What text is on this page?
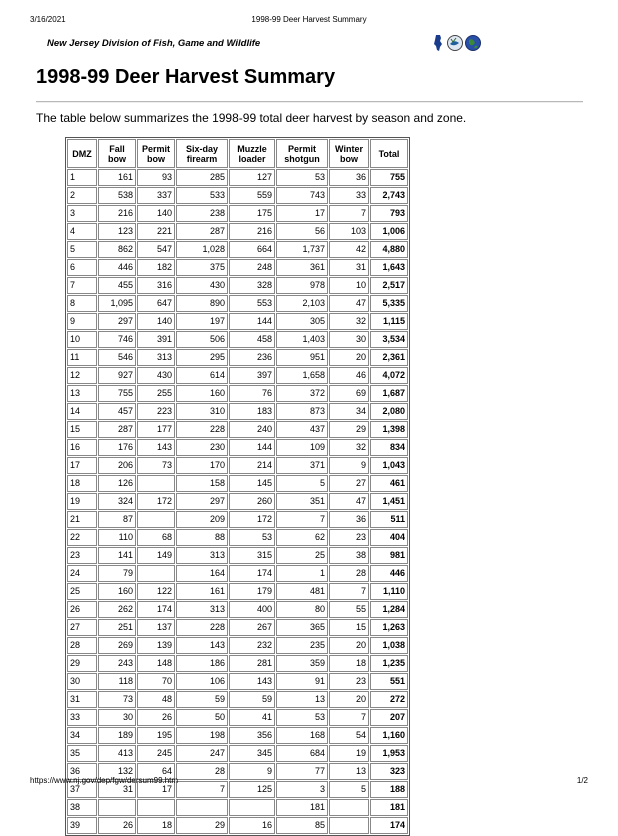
3/16/2021	1998-99 Deer Harvest Summary
New Jersey Division of Fish, Game and Wildlife
1998-99 Deer Harvest Summary
The table below summarizes the 1998-99 total deer harvest by season and zone.
DMZ	Fall bow	Permit bow	Six-day firearm	Muzzle loader	Permit shotgun	Winter bow	Total
1	161	93	285	127	53	36	755
2	538	337	533	559	743	33	2,743
3	216	140	238	175	17	7	793
4	123	221	287	216	56	103	1,006
5	862	547	1,028	664	1,737	42	4,880
6	446	182	375	248	361	31	1,643
7	455	316	430	328	978	10	2,517
8	1,095	647	890	553	2,103	47	5,335
9	297	140	197	144	305	32	1,115
10	746	391	506	458	1,403	30	3,534
11	546	313	295	236	951	20	2,361
12	927	430	614	397	1,658	46	4,072
13	755	255	160	76	372	69	1,687
14	457	223	310	183	873	34	2,080
15	287	177	228	240	437	29	1,398
16	176	143	230	144	109	32	834
17	206	73	170	214	371	9	1,043
18	126		158	145	5	27	461
19	324	172	297	260	351	47	1,451
21	87		209	172	7	36	511
22	110	68	88	53	62	23	404
23	141	149	313	315	25	38	981
24	79		164	174	1	28	446
25	160	122	161	179	481	7	1,110
26	262	174	313	400	80	55	1,284
27	251	137	228	267	365	15	1,263
28	269	139	143	232	235	20	1,038
29	243	148	186	281	359	18	1,235
30	118	70	106	143	91	23	551
31	73	48	59	59	13	20	272
33	30	26	50	41	53	7	207
34	189	195	198	356	168	54	1,160
35	413	245	247	345	684	19	1,953
36	132	64	28	9	77	13	323
37	31	17	7	125	3	5	188
38					181		181
39	26	18	29	16	85		174
https://www.nj.gov/dep/fgw/dersum99.htm	1/2
